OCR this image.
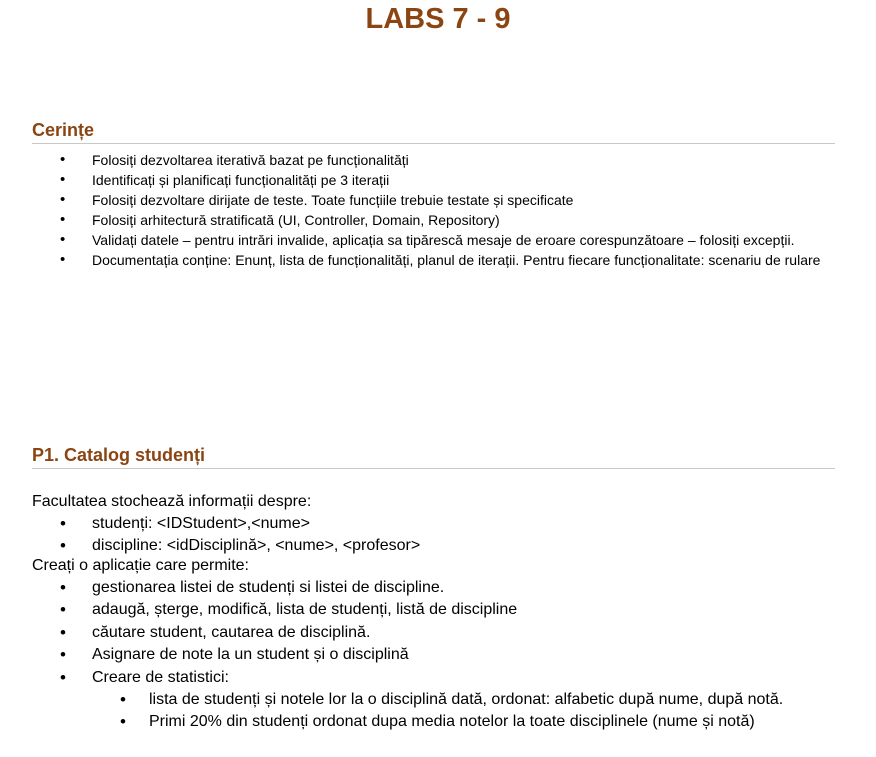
LABS 7 - 9
Cerințe
• Folosiți dezvoltarea iterativă bazat pe funcționalități
• Identificați și planificați funcționalități pe 3 iterații
• Folosiți dezvoltare dirijate de teste. Toate funcțiile trebuie testate și specificate
• Folosiți arhitectură stratificată (UI, Controller, Domain, Repository)
• Validați datele – pentru intrări invalide, aplicația sa tipărescă mesaje de eroare corespunzătoare – folosiți excepții.
• Documentația conține: Enunț, lista de funcționalități, planul de iterații. Pentru fiecare funcționalitate: scenariu de rulare
P1. Catalog studenți

Facultatea stochează informații despre:

• studenți: <IDStudent>,<nume>
• discipline: <idDisciplină>, <nume>, <profesor>

Creați o aplicație care permite:

• gestionarea listei de studenți si listei de discipline.
• adaugă, șterge, modifică, lista de studenți, listă de discipline
• căutare student, cautarea de disciplină.
• Asignare de note la un student și o disciplină
• Creare de statistici:
• lista de studenți și notele lor la o disciplină dată, ordonat: alfabetic după nume, după notă.
• Primi 20% din studenți ordonat dupa media notelor la toate disciplinele (nume și notă)
